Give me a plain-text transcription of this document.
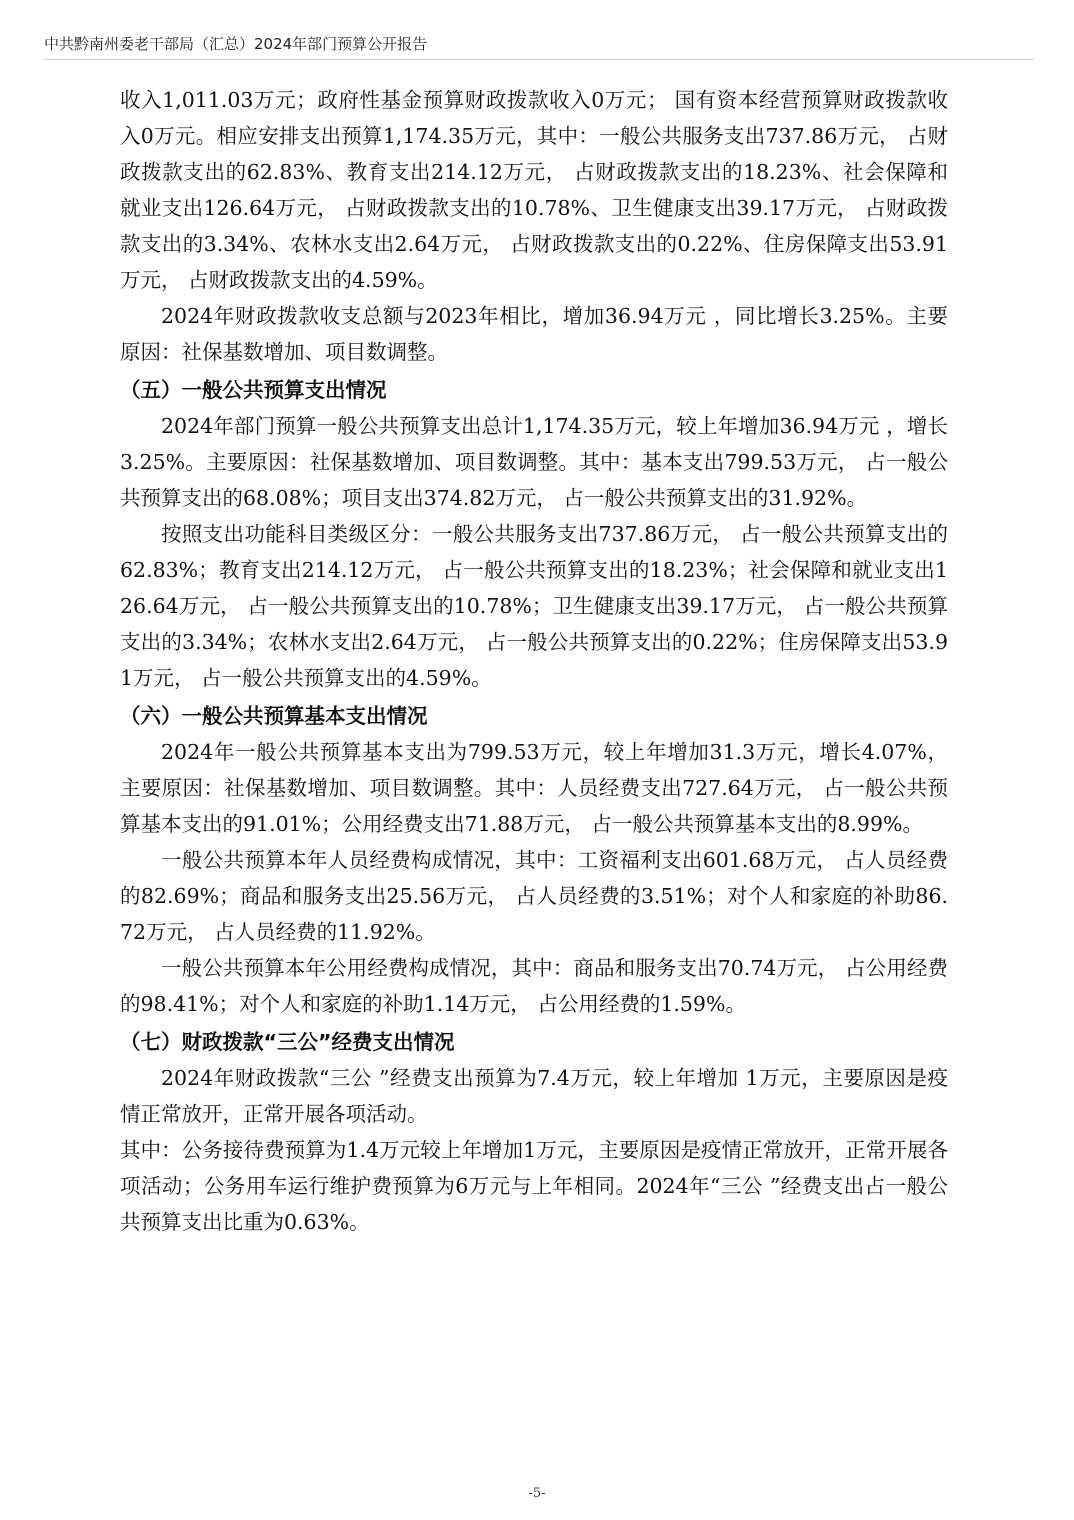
中共黔南州委老干部局（汇总）2024年部门预算公开报告

收入1,011.03万元；政府性基金预算财政拨款收入0万元； 国有资本经营预算财政拨款收入0万元。相应安排支出预算1,174.35万元，其中：一般公共服务支出737.86万元， 占财政拨款支出的62.83%、教育支出214.12万元， 占财政拨款支出的18.23%、社会保障和就业支出126.64万元， 占财政拨款支出的10.78%、卫生健康支出39.17万元， 占财政拨款支出的3.34%、农林水支出2.64万元， 占财政拨款支出的0.22%、住房保障支出53.91万元， 占财政拨款支出的4.59%。

2024年财政拨款收支总额与2023年相比，增加36.94万元 ，同比增长3.25%。主要原因：社保基数增加、项目数调整。

（五）一般公共预算支出情况

2024年部门预算一般公共预算支出总计1,174.35万元，较上年增加36.94万元 ，增长3.25%。主要原因：社保基数增加、项目数调整。其中：基本支出799.53万元， 占一般公共预算支出的68.08%；项目支出374.82万元， 占一般公共预算支出的31.92%。

按照支出功能科目类级区分：一般公共服务支出737.86万元， 占一般公共预算支出的62.83%；教育支出214.12万元， 占一般公共预算支出的18.23%；社会保障和就业支出126.64万元， 占一般公共预算支出的10.78%；卫生健康支出39.17万元， 占一般公共预算支出的3.34%；农林水支出2.64万元， 占一般公共预算支出的0.22%；住房保障支出53.91万元， 占一般公共预算支出的4.59%。

（六）一般公共预算基本支出情况

2024年一般公共预算基本支出为799.53万元，较上年增加31.3万元，增长4.07%，主要原因：社保基数增加、项目数调整。其中：人员经费支出727.64万元， 占一般公共预算基本支出的91.01%；公用经费支出71.88万元， 占一般公共预算基本支出的8.99%。

一般公共预算本年人员经费构成情况，其中：工资福利支出601.68万元， 占人员经费的82.69%；商品和服务支出25.56万元， 占人员经费的3.51%；对个人和家庭的补助86.72万元， 占人员经费的11.92%。

一般公共预算本年公用经费构成情况，其中：商品和服务支出70.74万元， 占公用经费的98.41%；对个人和家庭的补助1.14万元， 占公用经费的1.59%。

（七）财政拨款“三公”经费支出情况

2024年财政拨款“三公 ”经费支出预算为7.4万元，较上年增加 1万元，主要原因是疫情正常放开，正常开展各项活动。

其中：公务接待费预算为1.4万元较上年增加1万元，主要原因是疫情正常放开，正常开展各项活动；公务用车运行维护费预算为6万元与上年相同。2024年“三公 ”经费支出占一般公共预算支出比重为0.63%。

-5-
